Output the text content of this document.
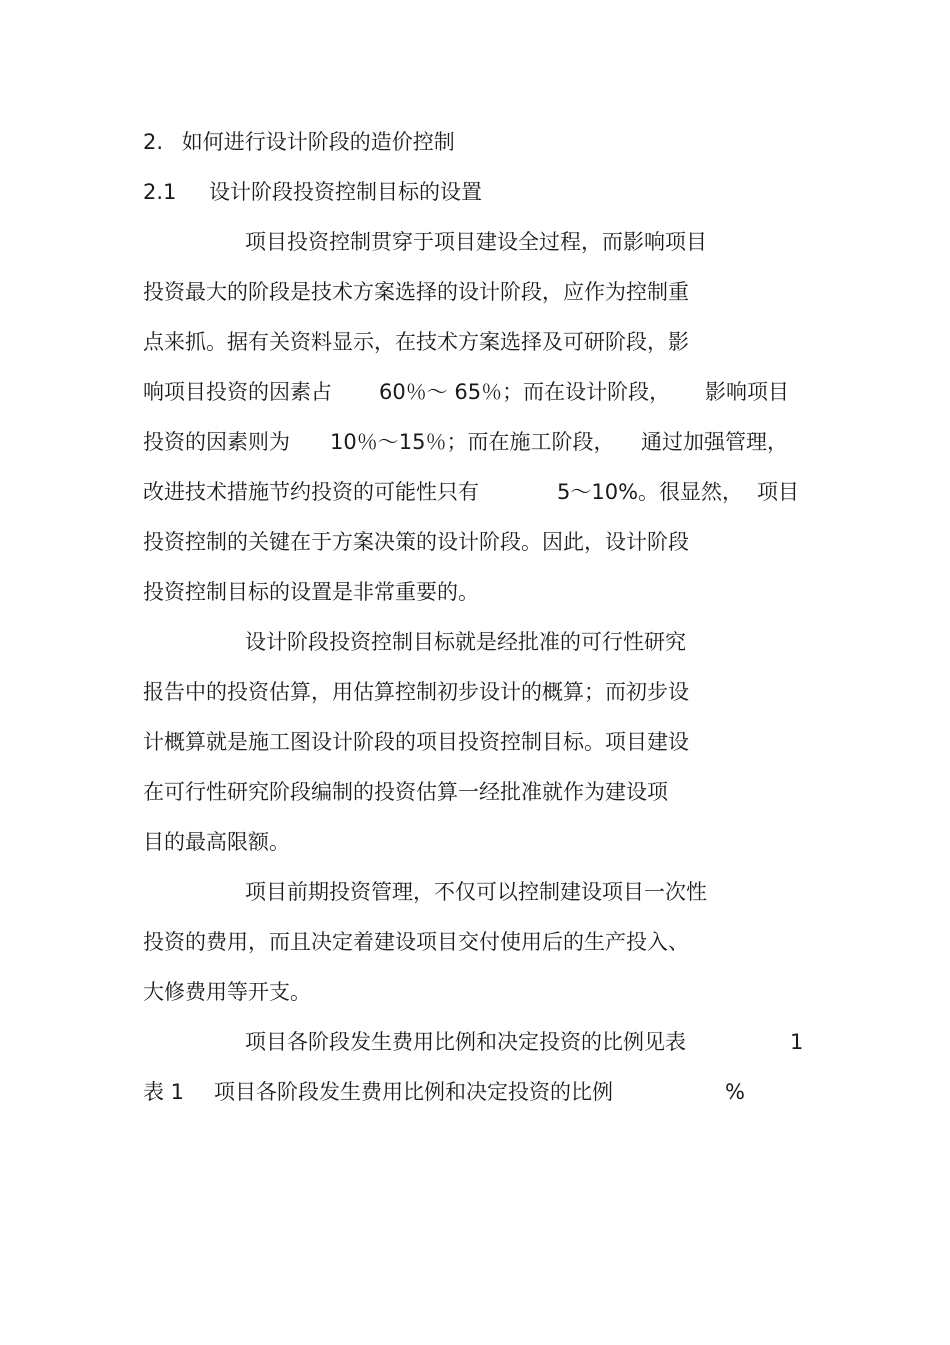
2. 如何进行设计阶段的造价控制
2.1 设计阶段投资控制目标的设置
项目投资控制贯穿于项目建设全过程，而影响项目
投资最大的阶段是技术方案选择的设计阶段，应作为控制重
点来抓。据有关资料显示，在技术方案选择及可研阶段，影
响项目投资的因素占 60％～ 65％；而在设计阶段， 影响项目
投资的因素则为 10％～15％；而在施工阶段， 通过加强管理，
改进技术措施节约投资的可能性只有	5～10%。很显然， 项目
投资控制的关键在于方案决策的设计阶段。因此，设计阶段
投资控制目标的设置是非常重要的。
设计阶段投资控制目标就是经批准的可行性研究
报告中的投资估算，用估算控制初步设计的概算；而初步设
计概算就是施工图设计阶段的项目投资控制目标。项目建设
在可行性研究阶段编制的投资估算一经批准就作为建设项
目的最高限额。
项目前期投资管理，不仅可以控制建设项目一次性
投资的费用，而且决定着建设项目交付使用后的生产投入、
大修费用等开支。
项目各阶段发生费用比例和决定投资的比例见表	1
表 1 项目各阶段发生费用比例和决定投资的比例	%
